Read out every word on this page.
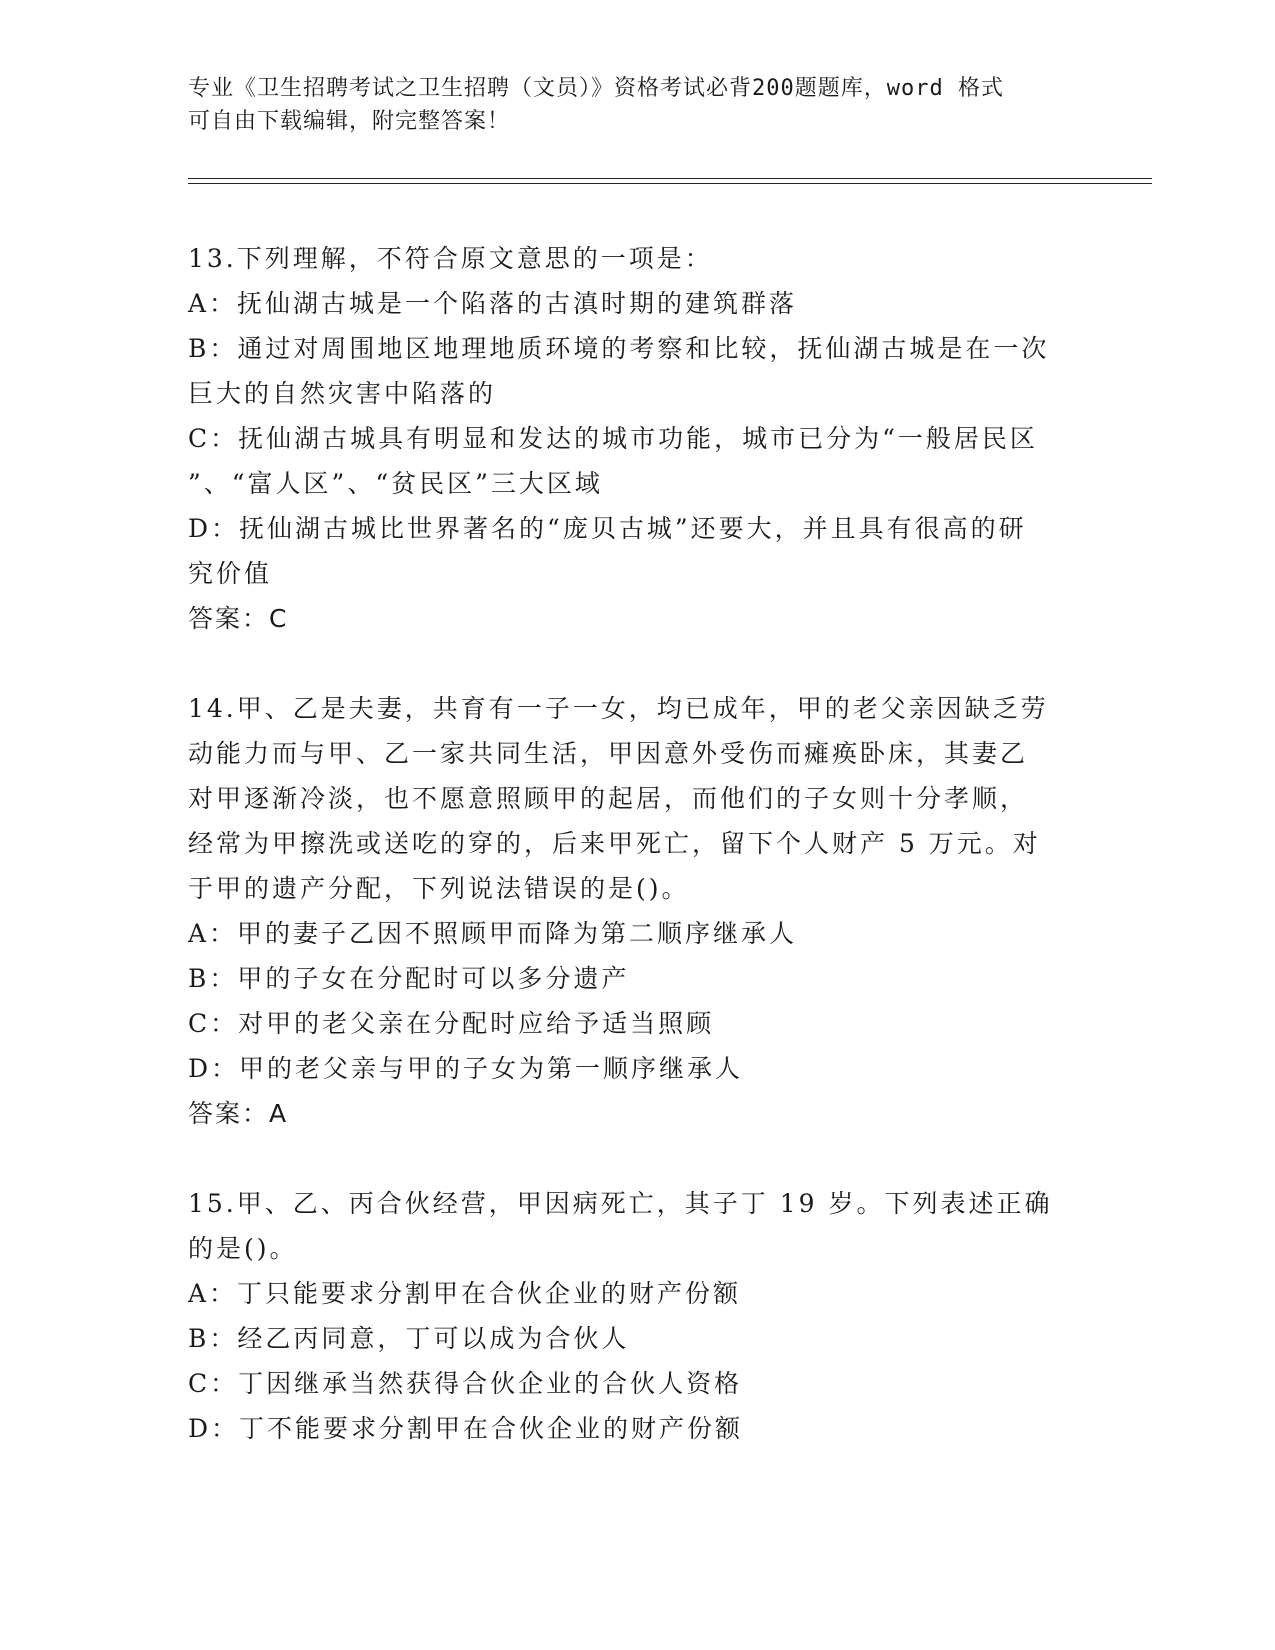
专业《卫生招聘考试之卫生招聘（文员）》资格考试必背200题题库，word 格式
可自由下载编辑，附完整答案！
13.下列理解，不符合原文意思的一项是：
A：抚仙湖古城是一个陷落的古滇时期的建筑群落
B：通过对周围地区地理地质环境的考察和比较，抚仙湖古城是在一次
巨大的自然灾害中陷落的
C：抚仙湖古城具有明显和发达的城市功能，城市已分为“一般居民区
”、“富人区”、“贫民区”三大区域
D：抚仙湖古城比世界著名的“庞贝古城”还要大，并且具有很高的研
究价值
答案：C
14.甲、乙是夫妻，共育有一子一女，均已成年，甲的老父亲因缺乏劳
动能力而与甲、乙一家共同生活，甲因意外受伤而瘫痪卧床，其妻乙
对甲逐渐冷淡，也不愿意照顾甲的起居，而他们的子女则十分孝顺，
经常为甲擦洗或送吃的穿的，后来甲死亡，留下个人财产 5 万元。对
于甲的遗产分配，下列说法错误的是()。
A：甲的妻子乙因不照顾甲而降为第二顺序继承人
B：甲的子女在分配时可以多分遗产
C：对甲的老父亲在分配时应给予适当照顾
D：甲的老父亲与甲的子女为第一顺序继承人
答案：A
15.甲、乙、丙合伙经营，甲因病死亡，其子丁 19 岁。下列表述正确
的是()。
A：丁只能要求分割甲在合伙企业的财产份额
B：经乙丙同意，丁可以成为合伙人
C：丁因继承当然获得合伙企业的合伙人资格
D：丁不能要求分割甲在合伙企业的财产份额
